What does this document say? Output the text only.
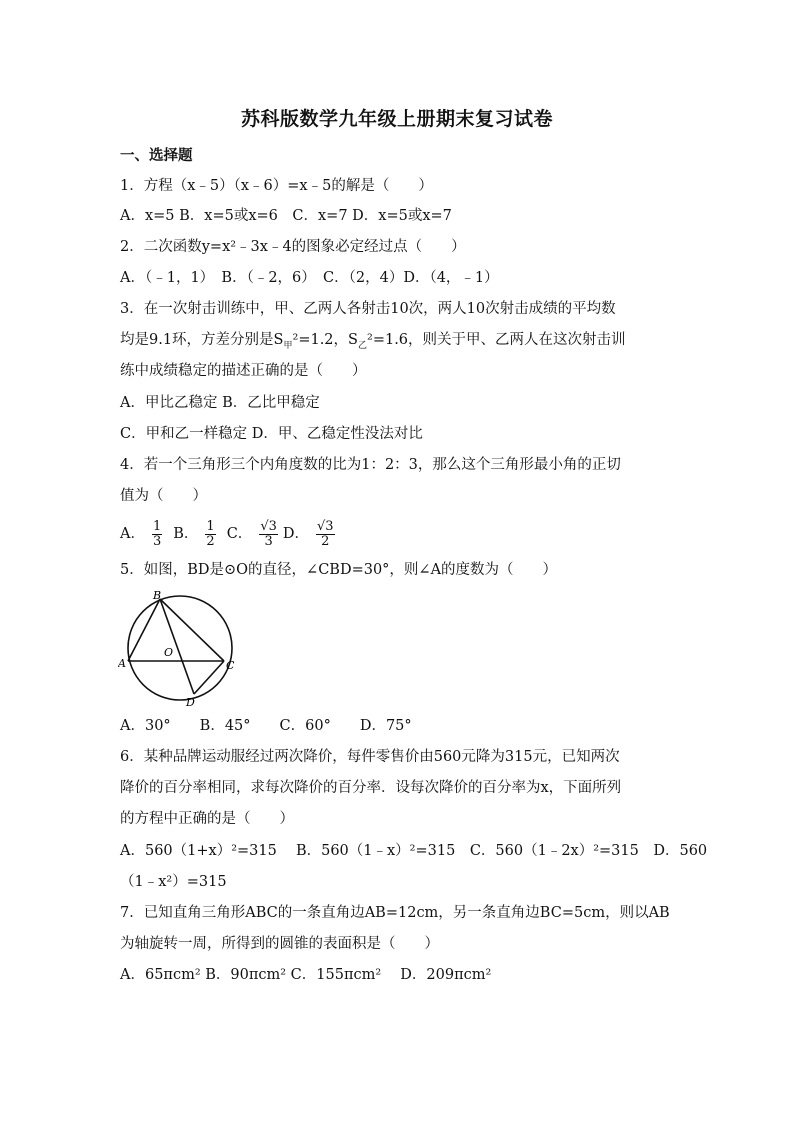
苏科版数学九年级上册期末复习试卷
一、选择题
1．方程（x﹣5）（x﹣6）=x﹣5的解是（　　）
A．x=5 B．x=5或x=6　C．x=7 D．x=5或x=7
2．二次函数y=x²﹣3x﹣4的图象必定经过点（　　）
A．（﹣1，1）　B．（﹣2，6）　C．（2，4）D．（4，﹣1）
3．在一次射击训练中，甲、乙两人各射击10次，两人10次射击成绩的平均数
均是9.1环，方差分别是$S_甲^2=1.2$，$S_乙^2=1.6$，则关于甲、乙两人在这次射击训
练中成绩稳定的描述正确的是（　　）
A．甲比乙稳定 B．乙比甲稳定
C．甲和乙一样稳定 D．甲、乙稳定性没法对比
4．若一个三角形三个内角度数的比为1：2：3，那么这个三角形最小角的正切
值为（　　）
A． $\frac{1}{3}$ B． $\frac{1}{2}$ C． $\frac{√3}{3}$ D． $\frac{√3}{2}$
5．如图，BD是⊙O的直径，∠CBD=30°，则∠A的度数为（　　）
B
A
O
C
D
A．30°　　B．45°　　C．60°　　D．75°
6．某种品牌运动服经过两次降价，每件零售价由560元降为315元，已知两次
降价的百分率相同，求每次降价的百分率．设每次降价的百分率为x，下面所列
的方程中正确的是（　　）
A．560（1+x）²=315　 B．560（1﹣x）²=315　C．560（1﹣2x）²=315　D．560
（1﹣x²）=315
7．已知直角三角形ABC的一条直角边AB=12cm，另一条直角边BC=5cm，则以AB
为轴旋转一周，所得到的圆锥的表面积是（　　）
A．65πcm² B．90πcm² C．155πcm²　 D．209πcm²
